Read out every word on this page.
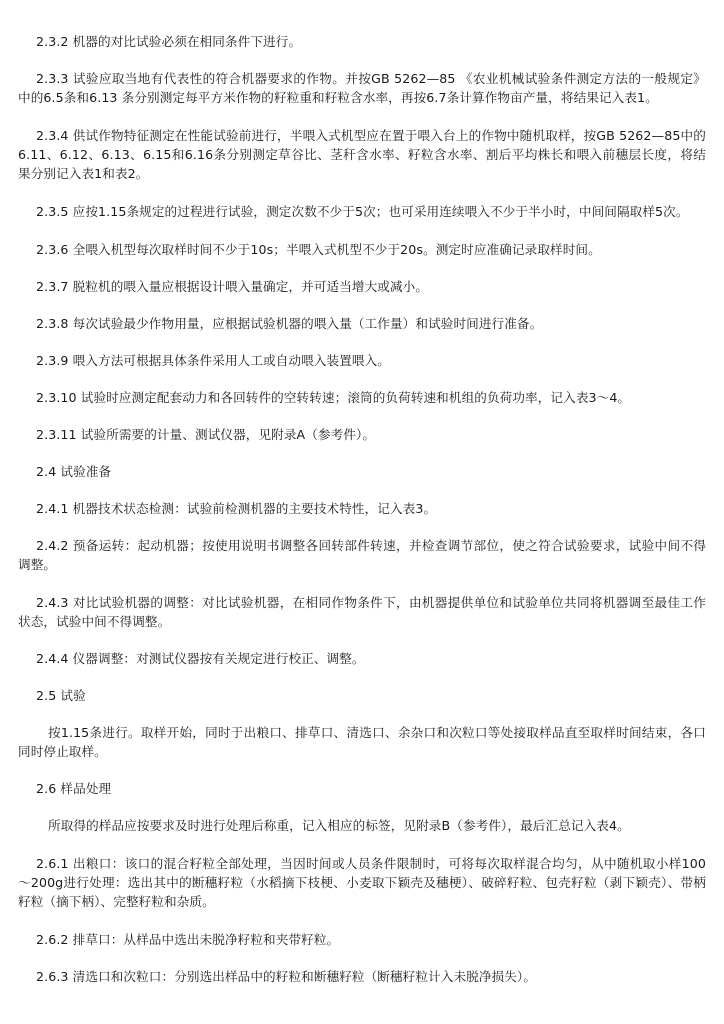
2.3.2 机器的对比试验必须在相同条件下进行。

2.3.3 试验应取当地有代表性的符合机器要求的作物。并按GB 5262—85 《农业机械试验条件测定方法的一般规定》中的6.5条和6.13 条分别测定每平方米作物的籽粒重和籽粒含水率，再按6.7条计算作物亩产量，将结果记入表1。

2.3.4 供试作物特征测定在性能试验前进行，半喂入式机型应在置于喂入台上的作物中随机取样，按GB 5262—85中的6.11、6.12、6.13、6.15和6.16条分别测定草谷比、茎秆含水率、籽粒含水率、割后平均株长和喂入前穗层长度，将结果分别记入表1和表2。

2.3.5 应按1.15条规定的过程进行试验，测定次数不少于5次；也可采用连续喂入不少于半小时，中间间隔取样5次。

2.3.6 全喂入机型每次取样时间不少于10s；半喂入式机型不少于20s。测定时应准确记录取样时间。

2.3.7 脱粒机的喂入量应根据设计喂入量确定，并可适当增大或减小。

2.3.8 每次试验最少作物用量，应根据试验机器的喂入量（工作量）和试验时间进行准备。

2.3.9 喂入方法可根据具体条件采用人工或自动喂入装置喂入。

2.3.10 试验时应测定配套动力和各回转件的空转转速；滚筒的负荷转速和机组的负荷功率，记入表3～4。

2.3.11 试验所需要的计量、测试仪器，见附录A（参考件）。

2.4 试验准备

2.4.1 机器技术状态检测：试验前检测机器的主要技术特性，记入表3。

2.4.2 预备运转：起动机器；按使用说明书调整各回转部件转速，并检查调节部位，使之符合试验要求，试验中间不得调整。

2.4.3 对比试验机器的调整：对比试验机器，在相同作物条件下，由机器提供单位和试验单位共同将机器调至最佳工作状态，试验中间不得调整。

2.4.4 仪器调整：对测试仪器按有关规定进行校正、调整。

2.5 试验

按1.15条进行。取样开始，同时于出粮口、排草口、清选口、余杂口和次粒口等处接取样品直至取样时间结束，各口同时停止取样。

2.6 样品处理

所取得的样品应按要求及时进行处理后称重，记入相应的标签，见附录B（参考件），最后汇总记入表4。

2.6.1 出粮口：该口的混合籽粒全部处理，当因时间或人员条件限制时，可将每次取样混合均匀，从中随机取小样100～200g进行处理：选出其中的断穗籽粒（水稻摘下枝梗、小麦取下颖壳及穗梗）、破碎籽粒、包壳籽粒（剥下颖壳）、带柄籽粒（摘下柄）、完整籽粒和杂质。

2.6.2 排草口：从样品中选出未脱净籽粒和夹带籽粒。

2.6.3 清选口和次粒口：分别选出样品中的籽粒和断穗籽粒（断穗籽粒计入未脱净损失）。
